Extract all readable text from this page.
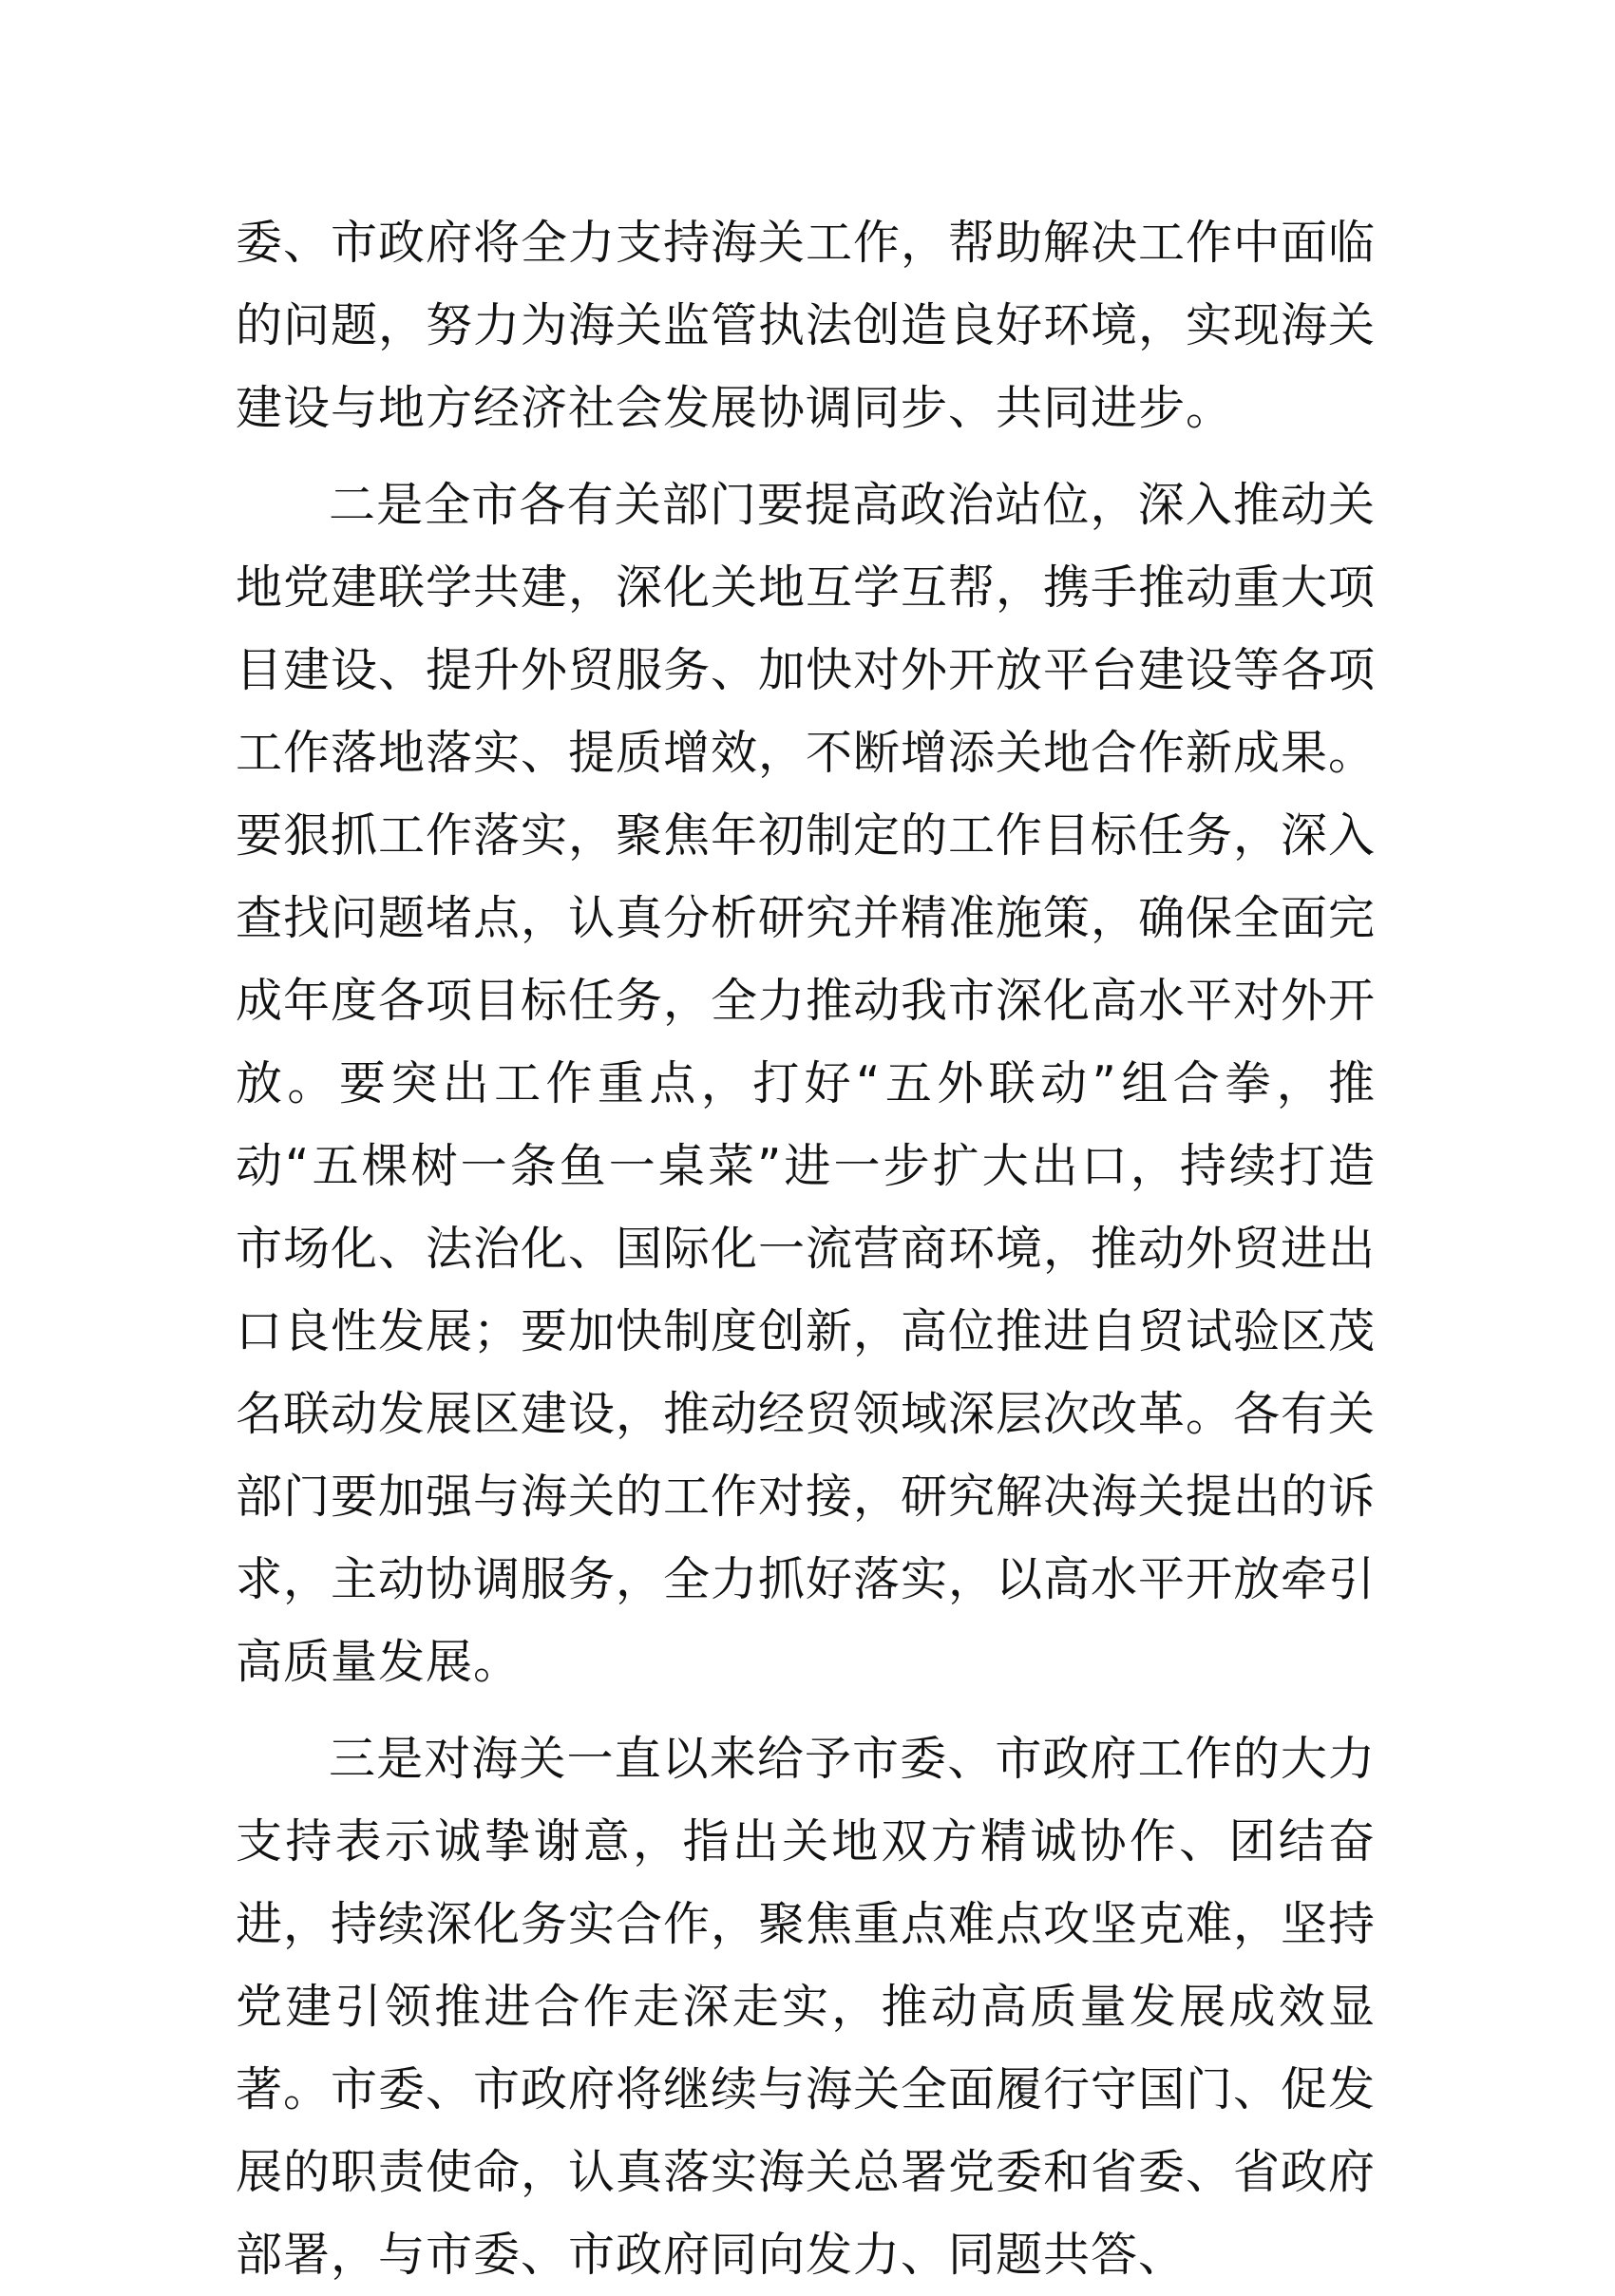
委、市政府将全力支持海关工作，帮助解决工作中面临的问题，努力为海关监管执法创造良好环境，实现海关建设与地方经济社会发展协调同步、共同进步。

二是全市各有关部门要提高政治站位，深入推动关地党建联学共建，深化关地互学互帮，携手推动重大项目建设、提升外贸服务、加快对外开放平台建设等各项工作落地落实、提质增效，不断增添关地合作新成果。要狠抓工作落实，聚焦年初制定的工作目标任务，深入查找问题堵点，认真分析研究并精准施策，确保全面完成年度各项目标任务，全力推动我市深化高水平对外开放。要突出工作重点，打好“五外联动”组合拳，推动“五棵树一条鱼一桌菜”进一步扩大出口，持续打造市场化、法治化、国际化一流营商环境，推动外贸进出口良性发展；要加快制度创新，高位推进自贸试验区茂名联动发展区建设，推动经贸领域深层次改革。各有关部门要加强与海关的工作对接，研究解决海关提出的诉求，主动协调服务，全力抓好落实，以高水平开放牵引高质量发展。

三是对海关一直以来给予市委、市政府工作的大力支持表示诚挚谢意，指出关地双方精诚协作、团结奋进，持续深化务实合作，聚焦重点难点攻坚克难，坚持党建引领推进合作走深走实，推动高质量发展成效显著。市委、市政府将继续与海关全面履行守国门、促发展的职责使命，认真落实海关总署党委和省委、省政府部署，与市委、市政府同向发力、同题共答、
